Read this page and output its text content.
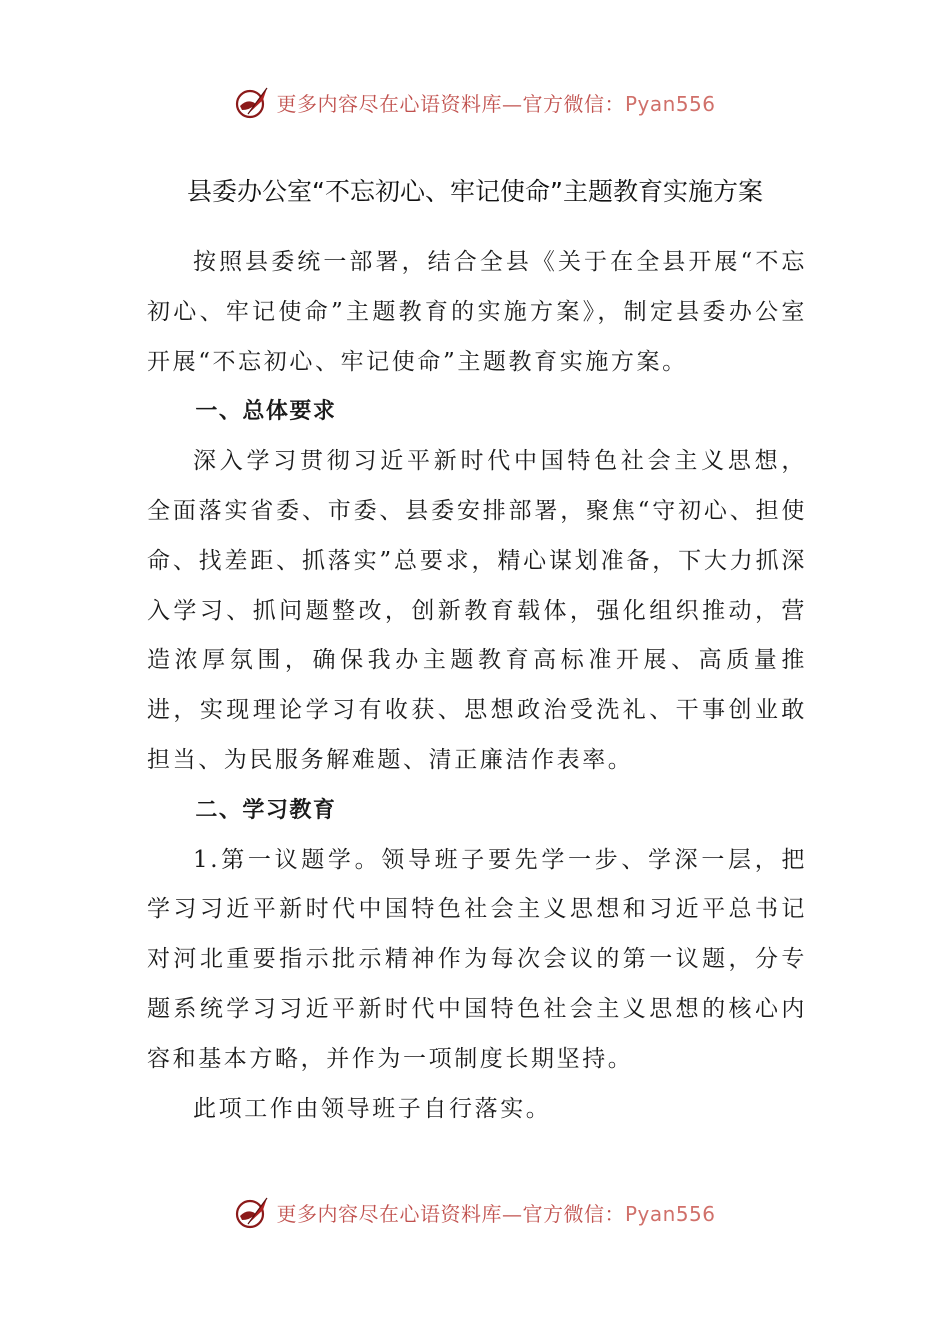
更多内容尽在心语资料库—官方微信：Pyan556
县委办公室“不忘初心、牢记使命”主题教育实施方案

按照县委统一部署，结合全县《关于在全县开展“不忘初心、牢记使命”主题教育的实施方案》，制定县委办公室开展“不忘初心、牢记使命”主题教育实施方案。

一、总体要求

深入学习贯彻习近平新时代中国特色社会主义思想，全面落实省委、市委、县委安排部署，聚焦“守初心、担使命、找差距、抓落实”总要求，精心谋划准备，下大力抓深入学习、抓问题整改，创新教育载体，强化组织推动，营造浓厚氛围，确保我办主题教育高标准开展、高质量推进，实现理论学习有收获、思想政治受洗礼、干事创业敢担当、为民服务解难题、清正廉洁作表率。

二、学习教育

1.第一议题学。领导班子要先学一步、学深一层，把学习习近平新时代中国特色社会主义思想和习近平总书记对河北重要指示批示精神作为每次会议的第一议题，分专题系统学习习近平新时代中国特色社会主义思想的核心内容和基本方略，并作为一项制度长期坚持。

此项工作由领导班子自行落实。

更多内容尽在心语资料库—官方微信：Pyan556
